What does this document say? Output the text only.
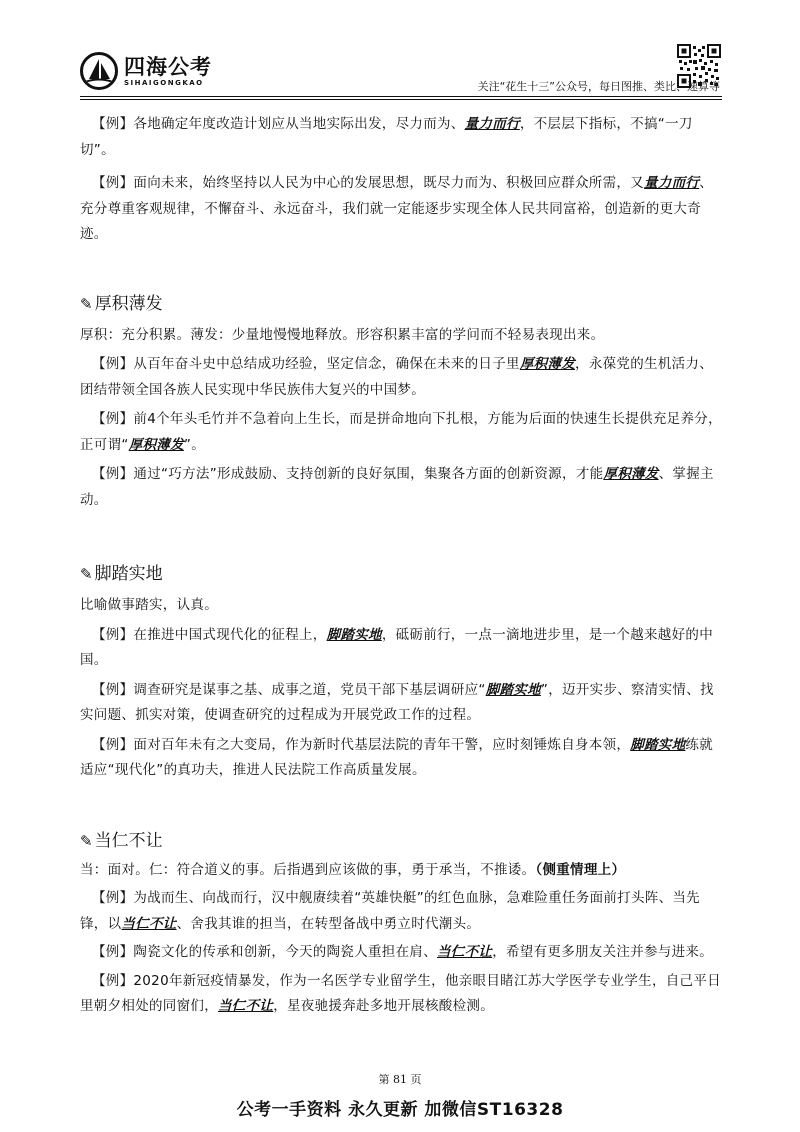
四海公考
SIHAIGONGKAO	关注“花生十三”公众号，每日图推、类比、速算等

【例】各地确定年度改造计划应从当地实际出发，尽力而为、量力而行，不层层下指标，不搞“一刀切”。

【例】面向未来，始终坚持以人民为中心的发展思想，既尽力而为、积极回应群众所需，又量力而行、充分尊重客观规律，不懈奋斗、永远奋斗，我们就一定能逐步实现全体人民共同富裕，创造新的更大奇迹。

✎ 厚积薄发

厚积：充分积累。薄发：少量地慢慢地释放。形容积累丰富的学问而不轻易表现出来。

【例】从百年奋斗史中总结成功经验，坚定信念，确保在未来的日子里厚积薄发，永葆党的生机活力、团结带领全国各族人民实现中华民族伟大复兴的中国梦。

【例】前4个年头毛竹并不急着向上生长，而是拼命地向下扎根，方能为后面的快速生长提供充足养分，正可谓“厚积薄发”。

【例】通过“巧方法”形成鼓励、支持创新的良好氛围，集聚各方面的创新资源，才能厚积薄发、掌握主动。

✎ 脚踏实地

比喻做事踏实，认真。

【例】在推进中国式现代化的征程上，脚踏实地，砥砺前行，一点一滴地进步里，是一个越来越好的中国。

【例】调查研究是谋事之基、成事之道，党员干部下基层调研应“脚踏实地”，迈开实步、察清实情、找实问题、抓实对策，使调查研究的过程成为开展党政工作的过程。

【例】面对百年未有之大变局，作为新时代基层法院的青年干警，应时刻锤炼自身本领，脚踏实地练就适应“现代化”的真功夫，推进人民法院工作高质量发展。

✎ 当仁不让

当：面对。仁：符合道义的事。后指遇到应该做的事，勇于承当，不推诿。（侧重情理上）

【例】为战而生、向战而行，汉中舰赓续着“英雄快艇”的红色血脉，急难险重任务面前打头阵、当先锋，以当仁不让、舍我其谁的担当，在转型备战中勇立时代潮头。

【例】陶瓷文化的传承和创新，今天的陶瓷人重担在肩、当仁不让，希望有更多朋友关注并参与进来。

【例】2020年新冠疫情暴发，作为一名医学专业留学生，他亲眼目睹江苏大学医学专业学生，自己平日里朝夕相处的同窗们，当仁不让，星夜驰援奔赴多地开展核酸检测。

第 81 页
公考一手资料 永久更新 加微信ST16328
